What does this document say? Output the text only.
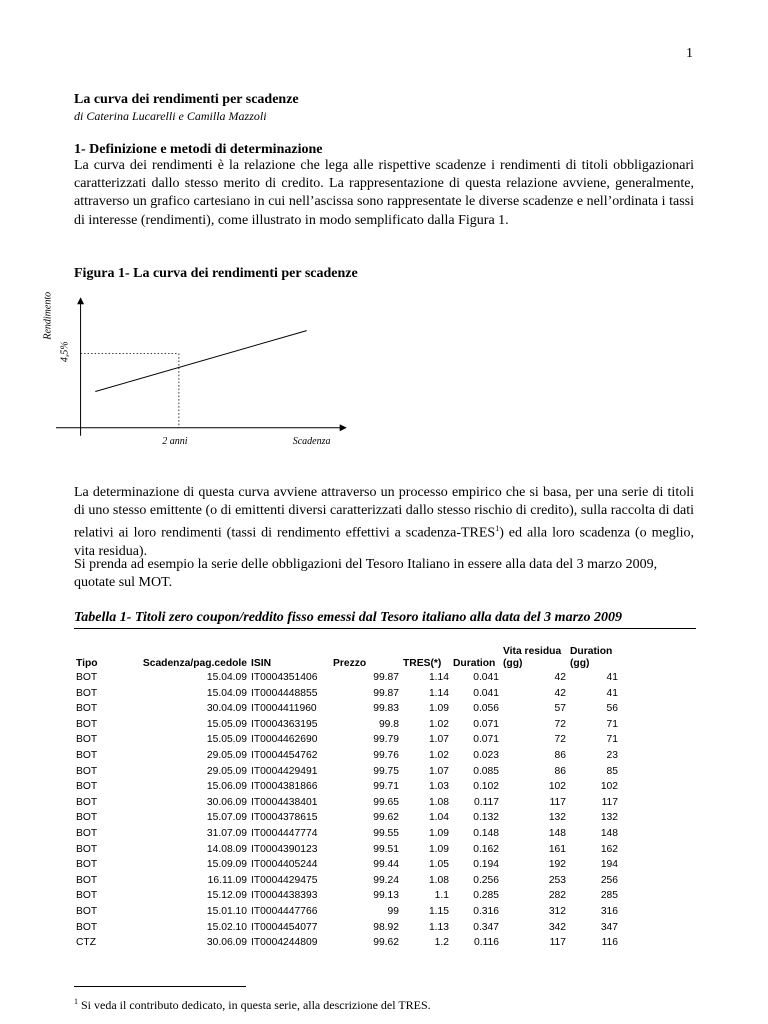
1
La curva dei rendimenti per scadenze
di Caterina Lucarelli e Camilla Mazzoli
1- Definizione e metodi di determinazione

La curva dei rendimenti è la relazione che lega alle rispettive scadenze i rendimenti di titoli obbligazionari caratterizzati dallo stesso merito di credito. La rappresentazione di questa relazione avviene, generalmente, attraverso un grafico cartesiano in cui nell’ascissa sono rappresentate le diverse scadenze e nell’ordinata i tassi di interesse (rendimenti), come illustrato in modo semplificato dalla Figura 1.

Figura 1- La curva dei rendimenti per scadenze
Rendimento
4,5%
2 anni	Scadenza

La determinazione di questa curva avviene attraverso un processo empirico che si basa, per una serie di titoli di uno stesso emittente (o di emittenti diversi caratterizzati dallo stesso rischio di credito), sulla raccolta di dati relativi ai loro rendimenti (tassi di rendimento effettivi a scadenza-TRES$^1$) ed alla loro scadenza (o meglio, vita residua).

Si prenda ad esempio la serie delle obbligazioni del Tesoro Italiano in essere alla data del 3 marzo 2009, quotate sul MOT.

Tabella 1- Titoli zero coupon/reddito fisso emessi dal Tesoro italiano alla data del 3 marzo 2009
Tipo	Scadenza/pag.cedole	ISIN	Prezzo	TRES(*)	Duration	Vita residua (gg)	Duration (gg)
BOT	15.04.09	IT0004351406	99.87	1.14	0.041	42	41
BOT	15.04.09	IT0004448855	99.87	1.14	0.041	42	41
BOT	30.04.09	IT0004411960	99.83	1.09	0.056	57	56
BOT	15.05.09	IT0004363195	99.8	1.02	0.071	72	71
BOT	15.05.09	IT0004462690	99.79	1.07	0.071	72	71
BOT	29.05.09	IT0004454762	99.76	1.02	0.023	86	23
BOT	29.05.09	IT0004429491	99.75	1.07	0.085	86	85
BOT	15.06.09	IT0004381866	99.71	1.03	0.102	102	102
BOT	30.06.09	IT0004438401	99.65	1.08	0.117	117	117
BOT	15.07.09	IT0004378615	99.62	1.04	0.132	132	132
BOT	31.07.09	IT0004447774	99.55	1.09	0.148	148	148
BOT	14.08.09	IT0004390123	99.51	1.09	0.162	161	162
BOT	15.09.09	IT0004405244	99.44	1.05	0.194	192	194
BOT	16.11.09	IT0004429475	99.24	1.08	0.256	253	256
BOT	15.12.09	IT0004438393	99.13	1.1	0.285	282	285
BOT	15.01.10	IT0004447766	99	1.15	0.316	312	316
BOT	15.02.10	IT0004454077	98.92	1.13	0.347	342	347
CTZ	30.06.09	IT0004244809	99.62	1.2	0.116	117	116
$^1$ Si veda il contributo dedicato, in questa serie, alla descrizione del TRES.
